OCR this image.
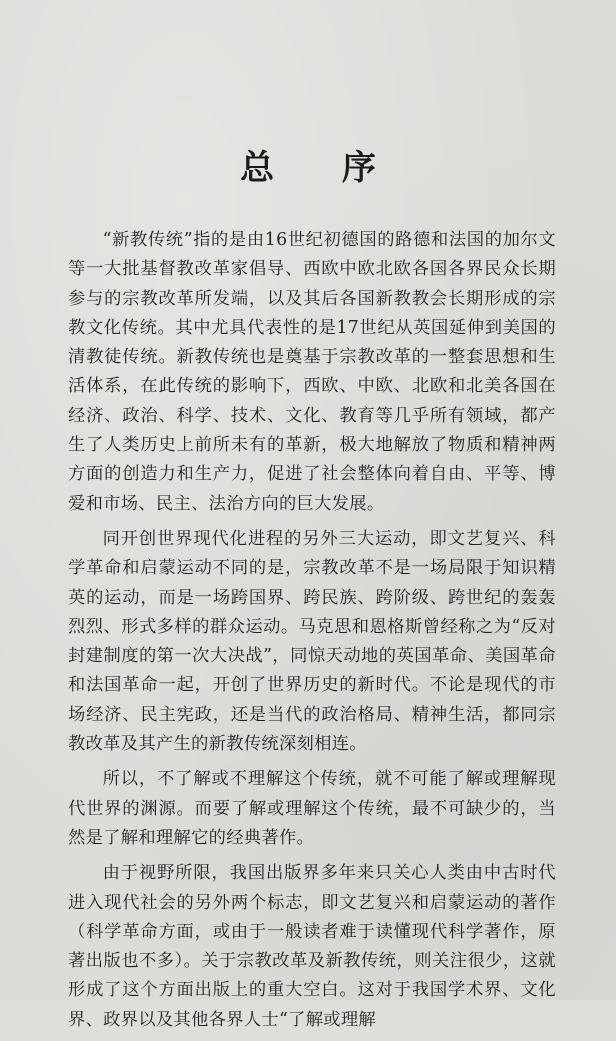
总 序

“新教传统”指的是由16世纪初德国的路德和法国的加尔文等一大批基督教改革家倡导、西欧中欧北欧各国各界民众长期参与的宗教改革所发端，以及其后各国新教教会长期形成的宗教文化传统。其中尤具代表性的是17世纪从英国延伸到美国的清教徒传统。新教传统也是奠基于宗教改革的一整套思想和生活体系，在此传统的影响下，西欧、中欧、北欧和北美各国在经济、政治、科学、技术、文化、教育等几乎所有领域，都产生了人类历史上前所未有的革新，极大地解放了物质和精神两方面的创造力和生产力，促进了社会整体向着自由、平等、博爱和市场、民主、法治方向的巨大发展。

同开创世界现代化进程的另外三大运动，即文艺复兴、科学革命和启蒙运动不同的是，宗教改革不是一场局限于知识精英的运动，而是一场跨国界、跨民族、跨阶级、跨世纪的轰轰烈烈、形式多样的群众运动。马克思和恩格斯曾经称之为“反对封建制度的第一次大决战”，同惊天动地的英国革命、美国革命和法国革命一起，开创了世界历史的新时代。不论是现代的市场经济、民主宪政，还是当代的政治格局、精神生活，都同宗教改革及其产生的新教传统深刻相连。

所以，不了解或不理解这个传统，就不可能了解或理解现代世界的渊源。而要了解或理解这个传统，最不可缺少的，当然是了解和理解它的经典著作。

由于视野所限，我国出版界多年来只关心人类由中古时代进入现代社会的另外两个标志，即文艺复兴和启蒙运动的著作（科学革命方面，或由于一般读者难于读懂现代科学著作，原著出版也不多）。关于宗教改革及新教传统，则关注很少，这就形成了这个方面出版上的重大空白。这对于我国学术界、文化界、政界以及其他各界人士“了解或理解
